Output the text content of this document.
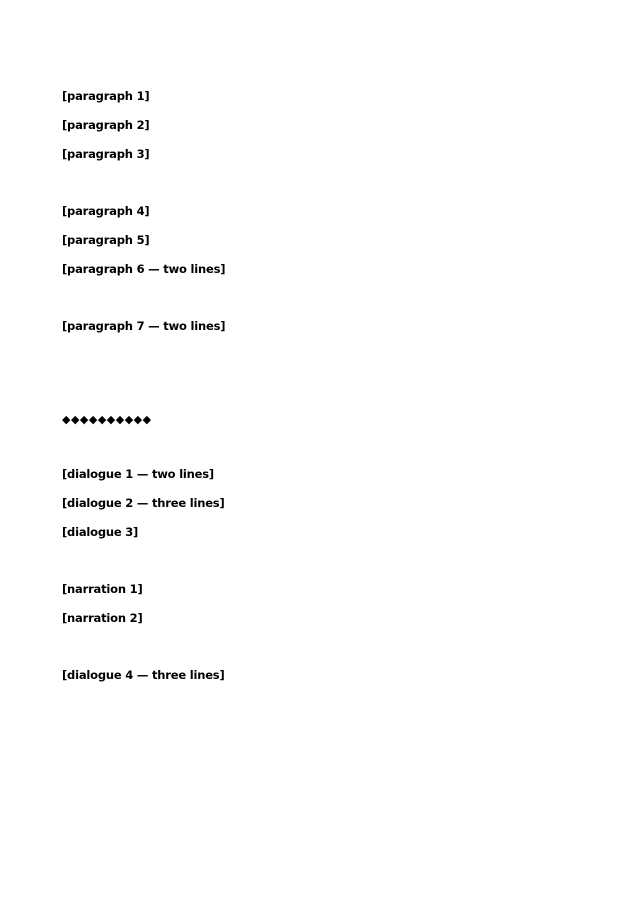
[paragraph 1]

[paragraph 2]

[paragraph 3]

[paragraph 4]

[paragraph 5]

[paragraph 6 — two lines]

[paragraph 7 — two lines]

◆◆◆◆◆◆◆◆◆◆

[dialogue 1 — two lines]

[dialogue 2 — three lines]

[dialogue 3]

[narration 1]

[narration 2]

[dialogue 4 — three lines]
